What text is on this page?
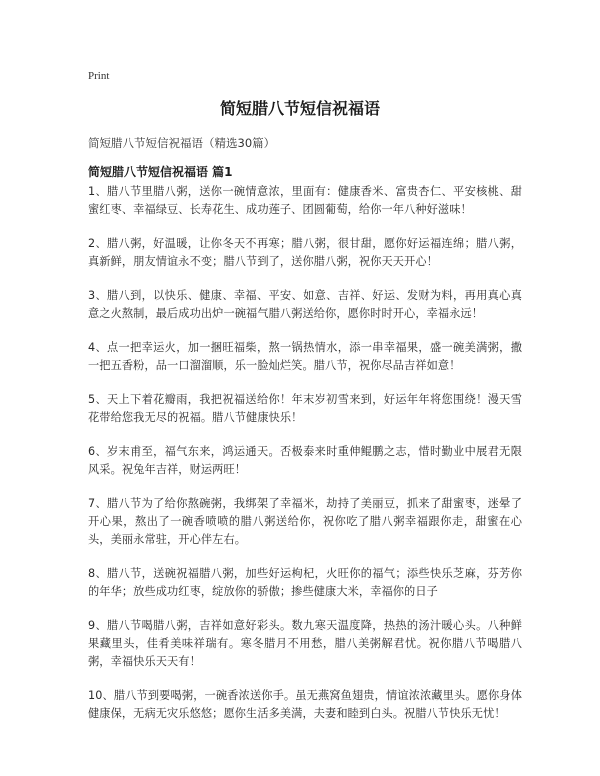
Print
简短腊八节短信祝福语
简短腊八节短信祝福语（精选30篇）
简短腊八节短信祝福语 篇1

1、腊八节里腊八粥，送你一碗情意浓，里面有：健康香米、富贵杏仁、平安核桃、甜蜜红枣、幸福绿豆、长寿花生、成功莲子、团圆葡萄，给你一年八种好滋味！

2、腊八粥，好温暖，让你冬天不再寒；腊八粥，很甘甜，愿你好运福连绵；腊八粥，真新鲜，朋友情谊永不变；腊八节到了，送你腊八粥，祝你天天开心！

3、腊八到，以快乐、健康、幸福、平安、如意、吉祥、好运、发财为料，再用真心真意之火熬制，最后成功出炉一碗福气腊八粥送给你，愿你时时开心，幸福永远！

4、点一把幸运火，加一捆旺福柴，熬一锅热情水，添一串幸福果，盛一碗美满粥，撒一把五香粉，品一口溜溜顺，乐一脸灿烂笑。腊八节，祝你尽品吉祥如意！

5、天上下着花瓣雨，我把祝福送给你！年末岁初雪来到，好运年年将您围绕！漫天雪花带给您我无尽的祝福。腊八节健康快乐！

6、岁末甫至，福气东来，鸿运通天。否极泰来时重伸鲲鹏之志，惜时勤业中展君无限风采。祝兔年吉祥，财运两旺！

7、腊八节为了给你熬碗粥，我绑架了幸福米，劫持了美丽豆，抓来了甜蜜枣，迷晕了开心果，熬出了一碗香喷喷的腊八粥送给你，祝你吃了腊八粥幸福跟你走，甜蜜在心头，美丽永常驻，开心伴左右。

8、腊八节，送碗祝福腊八粥，加些好运枸杞，火旺你的福气；添些快乐芝麻，芬芳你的年华；放些成功红枣，绽放你的骄傲；掺些健康大米，幸福你的日子

9、腊八节喝腊八粥，吉祥如意好彩头。数九寒天温度降，热热的汤汁暖心头。八种鲜果藏里头，佳肴美味祥瑞有。寒冬腊月不用愁，腊八美粥解君忧。祝你腊八节喝腊八粥，幸福快乐天天有！

10、腊八节到要喝粥，一碗香浓送你手。虽无燕窝鱼翅贵，情谊浓浓藏里头。愿你身体健康保，无病无灾乐悠悠；愿你生活多美满，夫妻和睦到白头。祝腊八节快乐无忧！
